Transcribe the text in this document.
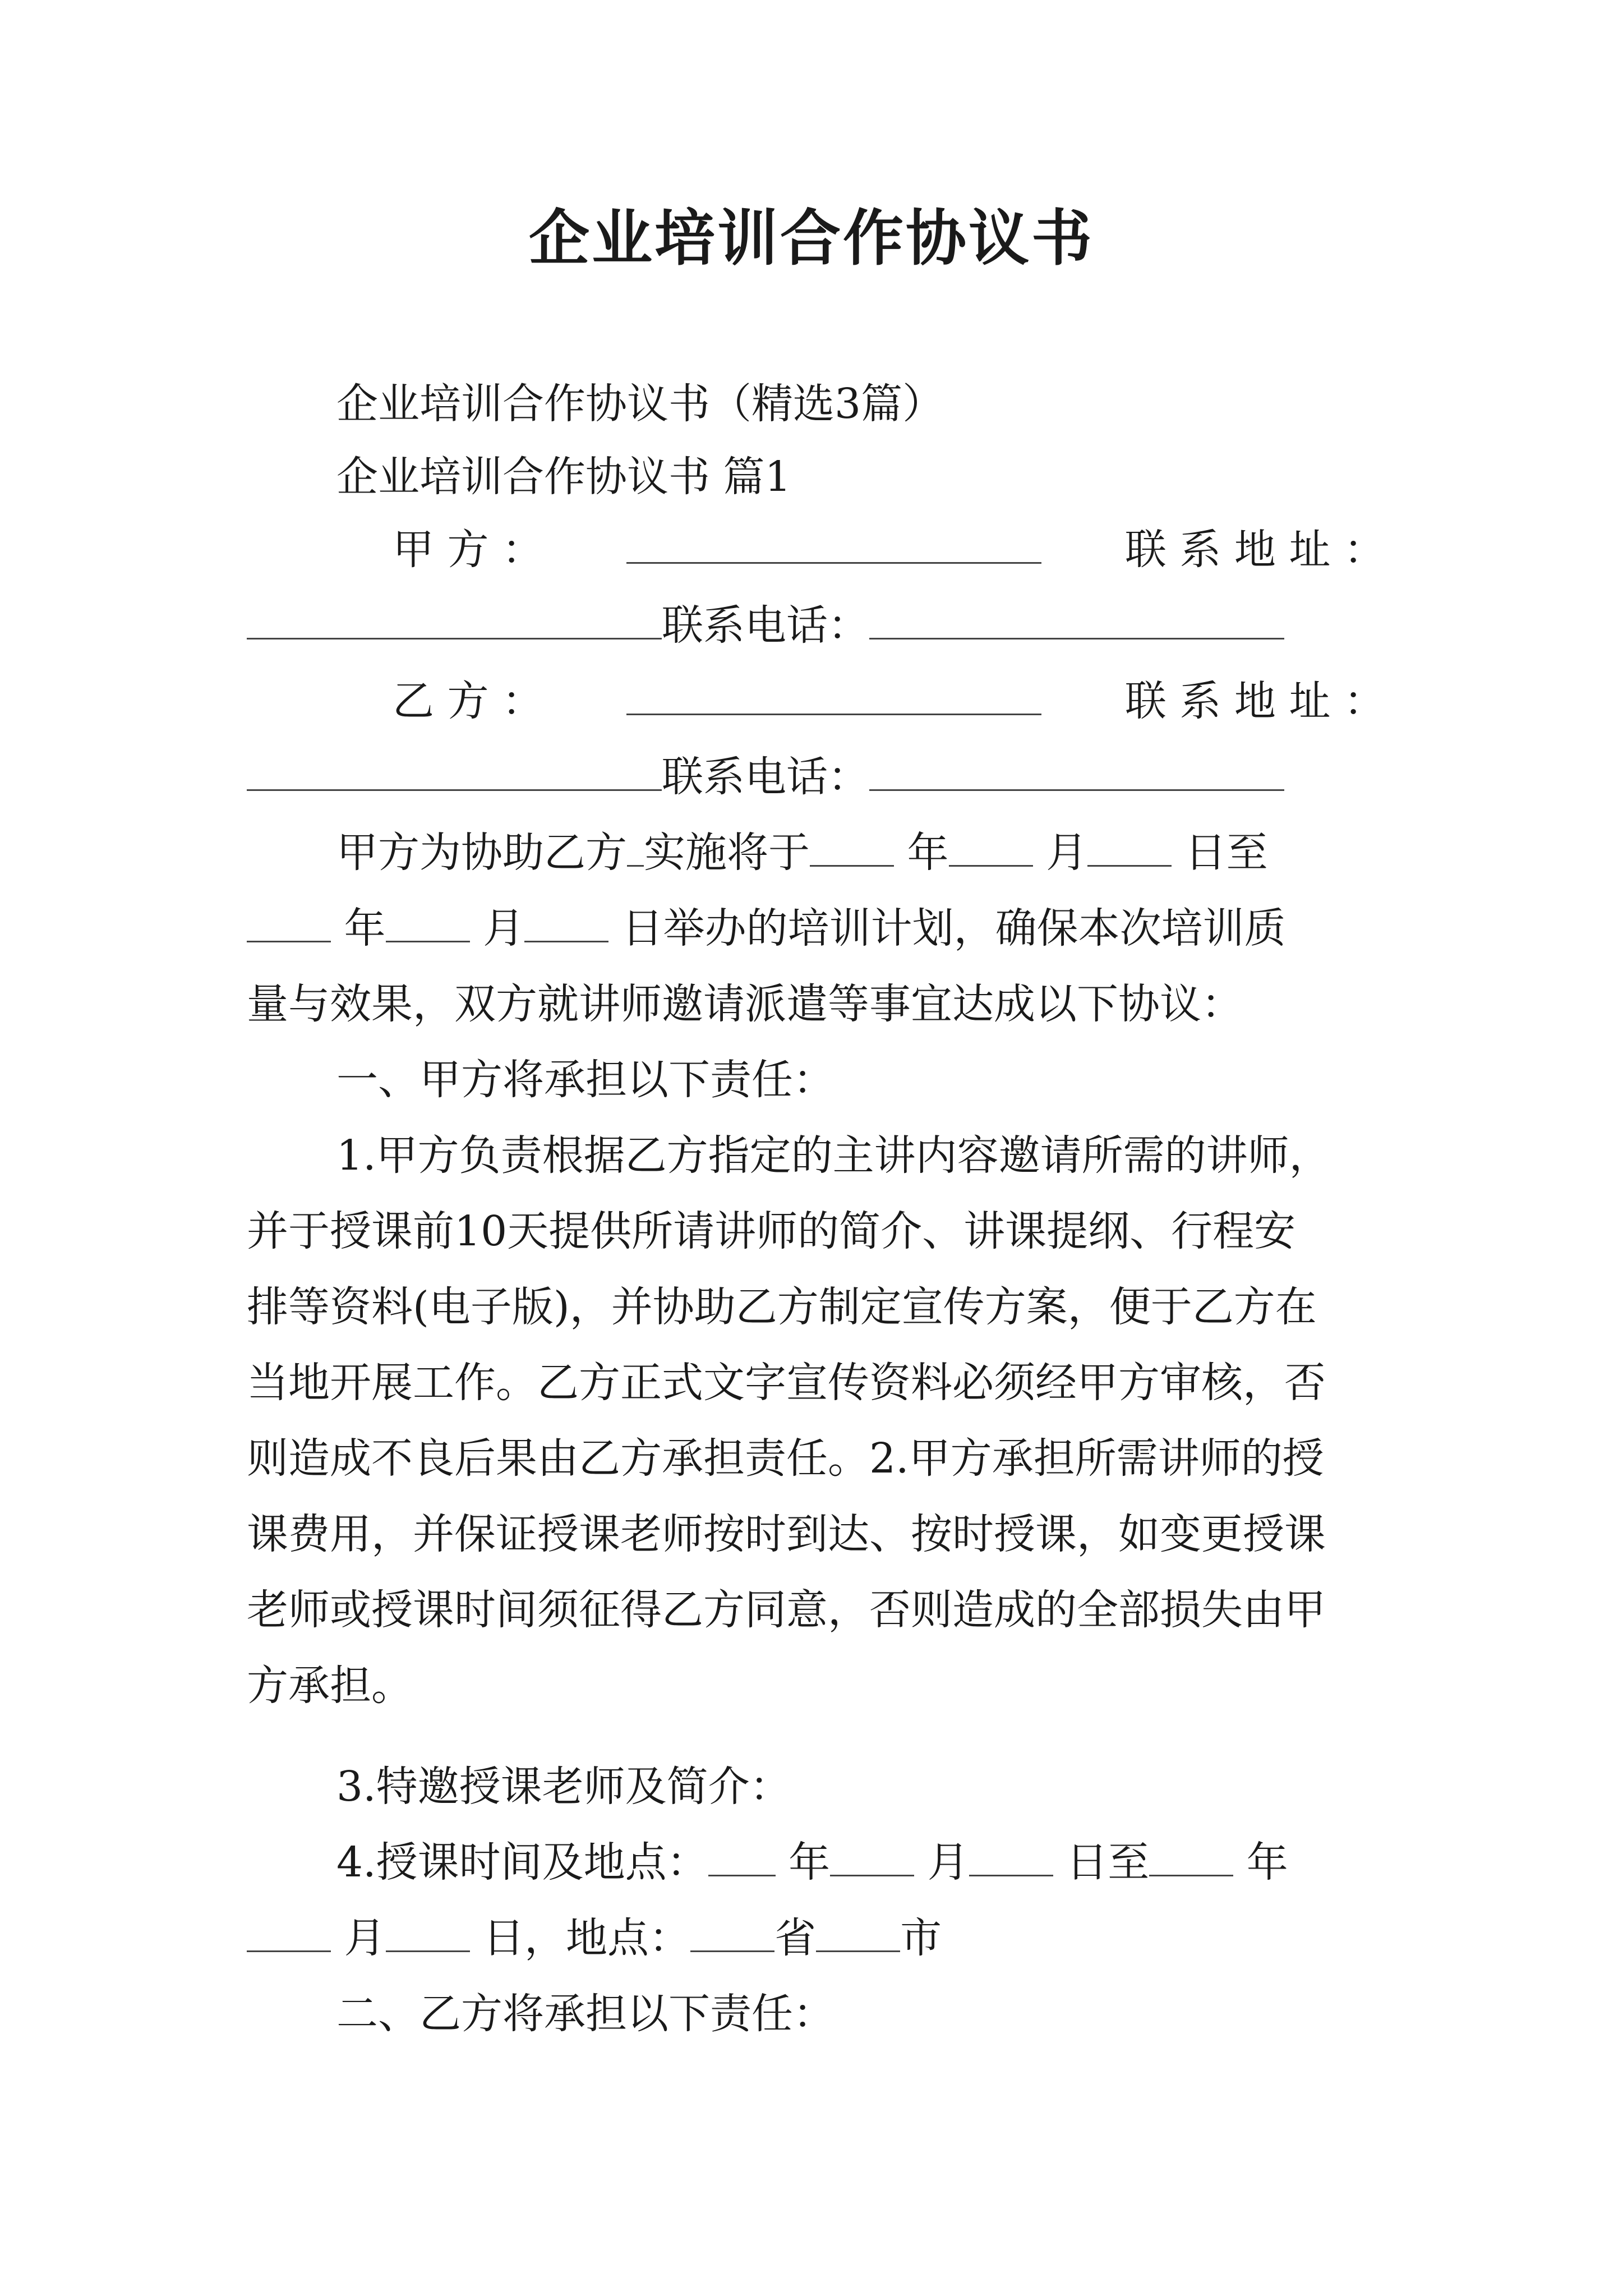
企业培训合作协议书
企业培训合作协议书（精选3篇）
企业培训合作协议书 篇1
甲 方 ：	联 系 地 址 ：
联系电话：
乙 方 ：	联 系 地 址 ：
联系电话：
甲方为协助乙方 实施将于 年 月 日至
年 月 日举办的培训计划，确保本次培训质
量与效果，双方就讲师邀请派遣等事宜达成以下协议：
一、甲方将承担以下责任：
1.甲方负责根据乙方指定的主讲内容邀请所需的讲师，
并于授课前10天提供所请讲师的简介、讲课提纲、行程安
排等资料(电子版)，并协助乙方制定宣传方案，便于乙方在
当地开展工作。乙方正式文字宣传资料必须经甲方审核，否
则造成不良后果由乙方承担责任。2.甲方承担所需讲师的授
课费用，并保证授课老师按时到达、按时授课，如变更授课
老师或授课时间须征得乙方同意，否则造成的全部损失由甲
方承担。
3.特邀授课老师及简介：
4.授课时间及地点： 年 月 日至 年
月 日，地点： 省 市
二、乙方将承担以下责任：
